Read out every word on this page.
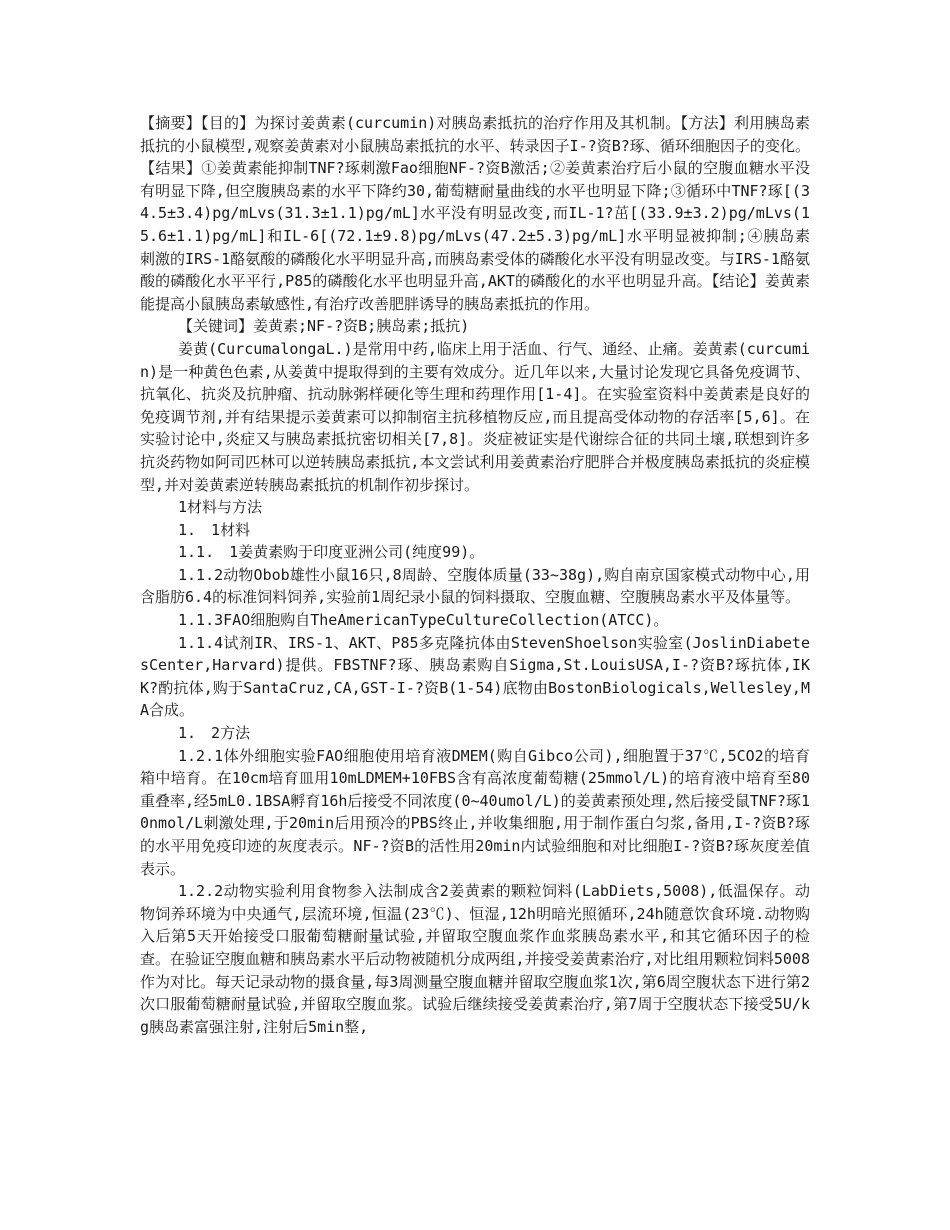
【摘要】【目的】为探讨姜黄素(curcumin)对胰岛素抵抗的治疗作用及其机制。【方法】利用胰岛素抵抗的小鼠模型,观察姜黄素对小鼠胰岛素抵抗的水平、转录因子I-?资B?琢、循环细胞因子的变化。【结果】①姜黄素能抑制TNF?琢刺激Fao细胞NF-?资B激活;②姜黄素治疗后小鼠的空腹血糖水平没有明显下降,但空腹胰岛素的水平下降约30,葡萄糖耐量曲线的水平也明显下降;③循环中TNF?琢[(34.5±3.4)pg/mLvs(31.3±1.1)pg/mL]水平没有明显改变,而IL-1?茁[(33.9±3.2)pg/mLvs(15.6±1.1)pg/mL]和IL-6[(72.1±9.8)pg/mLvs(47.2±5.3)pg/mL]水平明显被抑制;④胰岛素刺激的IRS-1酪氨酸的磷酸化水平明显升高,而胰岛素受体的磷酸化水平没有明显改变。与IRS-1酪氨酸的磷酸化水平平行,P85的磷酸化水平也明显升高,AKT的磷酸化的水平也明显升高。【结论】姜黄素能提高小鼠胰岛素敏感性,有治疗改善肥胖诱导的胰岛素抵抗的作用。

【关键词】姜黄素;NF-?资B;胰岛素;抵抗)

姜黄(CurcumalongaL.)是常用中药,临床上用于活血、行气、通经、止痛。姜黄素(curcumin)是一种黄色色素,从姜黄中提取得到的主要有效成分。近几年以来,大量讨论发现它具备免疫调节、抗氧化、抗炎及抗肿瘤、抗动脉粥样硬化等生理和药理作用[1-4]。在实验室资料中姜黄素是良好的免疫调节剂,并有结果提示姜黄素可以抑制宿主抗移植物反应,而且提高受体动物的存活率[5,6]。在实验讨论中,炎症又与胰岛素抵抗密切相关[7,8]。炎症被证实是代谢综合征的共同土壤,联想到许多抗炎药物如阿司匹林可以逆转胰岛素抵抗,本文尝试利用姜黄素治疗肥胖合并极度胰岛素抵抗的炎症模型,并对姜黄素逆转胰岛素抵抗的机制作初步探讨。

1材料与方法

1.　1材料

1.1.　1姜黄素购于印度亚洲公司(纯度99)。

1.1.2动物Obob雄性小鼠16只,8周龄、空腹体质量(33~38g),购自南京国家模式动物中心,用含脂肪6.4的标准饲料饲养,实验前1周纪录小鼠的饲料摄取、空腹血糖、空腹胰岛素水平及体量等。

1.1.3FAO细胞购自TheAmericanTypeCultureCollection(ATCC)。

1.1.4试剂IR、IRS-1、AKT、P85多克隆抗体由StevenShoelson实验室(JoslinDiabetesCenter,Harvard)提供。FBSTNF?琢、胰岛素购自Sigma,St.LouisUSA,I-?资B?琢抗体,IKK?酌抗体,购于SantaCruz,CA,GST-I-?资B(1-54)底物由BostonBiologicals,Wellesley,MA合成。

1.　2方法

1.2.1体外细胞实验FAO细胞使用培育液DMEM(购自Gibco公司),细胞置于37℃,5CO2的培育箱中培育。在10cm培育皿用10mLDMEM+10FBS含有高浓度葡萄糖(25mmol/L)的培育液中培育至80重叠率,经5mL0.1BSA孵育16h后接受不同浓度(0~40umol/L)的姜黄素预处理,然后接受鼠TNF?琢10nmol/L刺激处理,于20min后用预冷的PBS终止,并收集细胞,用于制作蛋白匀浆,备用,I-?资B?琢的水平用免疫印迹的灰度表示。NF-?资B的活性用20min内试验细胞和对比细胞I-?资B?琢灰度差值表示。

1.2.2动物实验利用食物参入法制成含2姜黄素的颗粒饲料(LabDiets,5008),低温保存。动物饲养环境为中央通气,层流环境,恒温(23℃)、恒湿,12h明暗光照循环,24h随意饮食环境.动物购入后第5天开始接受口服葡萄糖耐量试验,并留取空腹血浆作血浆胰岛素水平,和其它循环因子的检查。在验证空腹血糖和胰岛素水平后动物被随机分成两组,并接受姜黄素治疗,对比组用颗粒饲料5008作为对比。每天记录动物的摄食量,每3周测量空腹血糖并留取空腹血浆1次,第6周空腹状态下进行第2次口服葡萄糖耐量试验,并留取空腹血浆。试验后继续接受姜黄素治疗,第7周于空腹状态下接受5U/kg胰岛素富强注射,注射后5min整,
